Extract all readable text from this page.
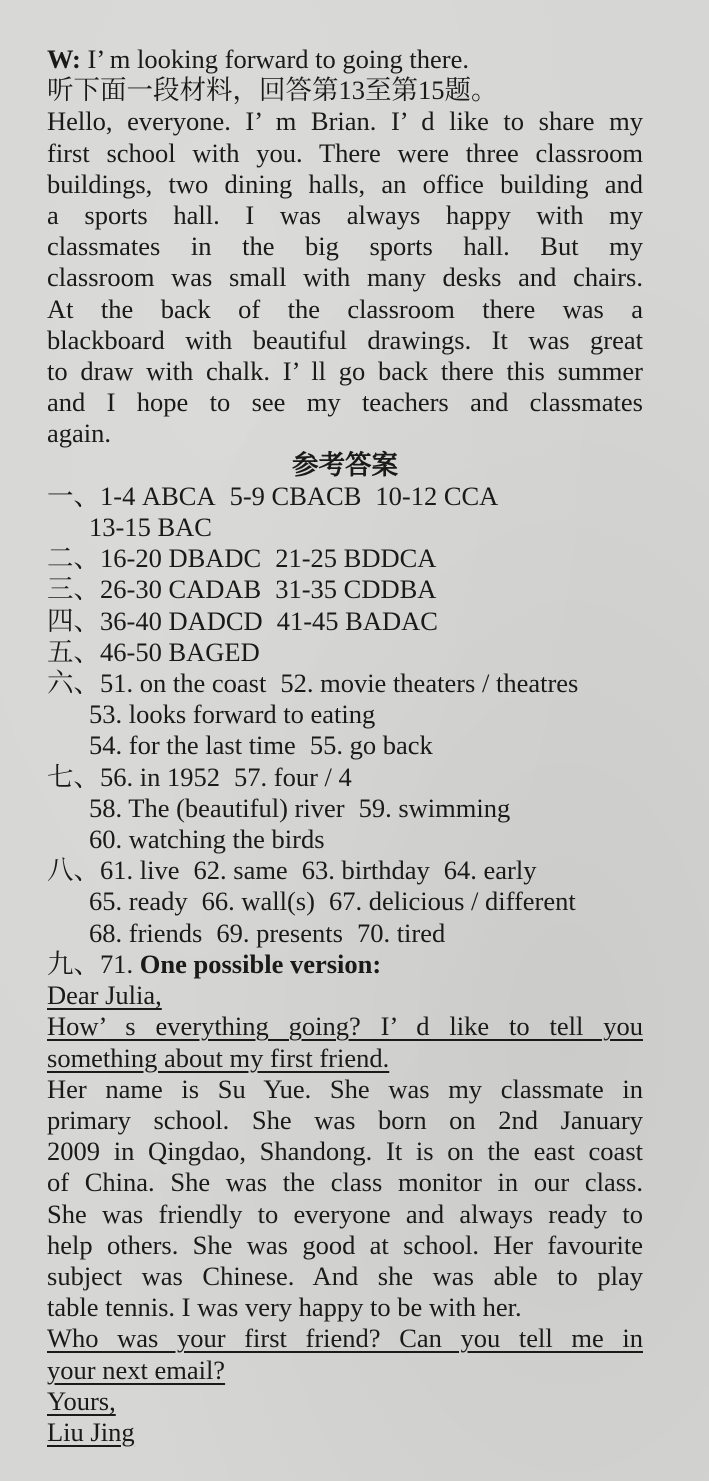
W: I’ m looking forward to going there.
听下面一段材料，回答第13至第15题。
Hello, everyone. I’ m Brian. I’ d like to share my
first school with you. There were three classroom
buildings, two dining halls, an office building and
a sports hall. I was always happy with my
classmates in the big sports hall. But my
classroom was small with many desks and chairs.
At the back of the classroom there was a
blackboard with beautiful drawings. It was great
to draw with chalk. I’ ll go back there this summer
and I hope to see my teachers and classmates
again.
参考答案
一、1-4 ABCA 5-9 CBACB 10-12 CCA
13-15 BAC
二、16-20 DBADC 21-25 BDDCA
三、26-30 CADAB 31-35 CDDBA
四、36-40 DADCD 41-45 BADAC
五、46-50 BAGED
六、51. on the coast 52. movie theaters / theatres
53. looks forward to eating
54. for the last time 55. go back
七、56. in 1952 57. four / 4
58. The (beautiful) river 59. swimming
60. watching the birds
八、61. live 62. same 63. birthday 64. early
65. ready 66. wall(s) 67. delicious / different
68. friends 69. presents 70. tired
九、71. One possible version:
Dear Julia,
How’ s everything going? I’ d like to tell you
something about my first friend.
Her name is Su Yue. She was my classmate in
primary school. She was born on 2nd January
2009 in Qingdao, Shandong. It is on the east coast
of China. She was the class monitor in our class.
She was friendly to everyone and always ready to
help others. She was good at school. Her favourite
subject was Chinese. And she was able to play
table tennis. I was very happy to be with her.
Who was your first friend? Can you tell me in
your next email?
Yours,
Liu Jing
